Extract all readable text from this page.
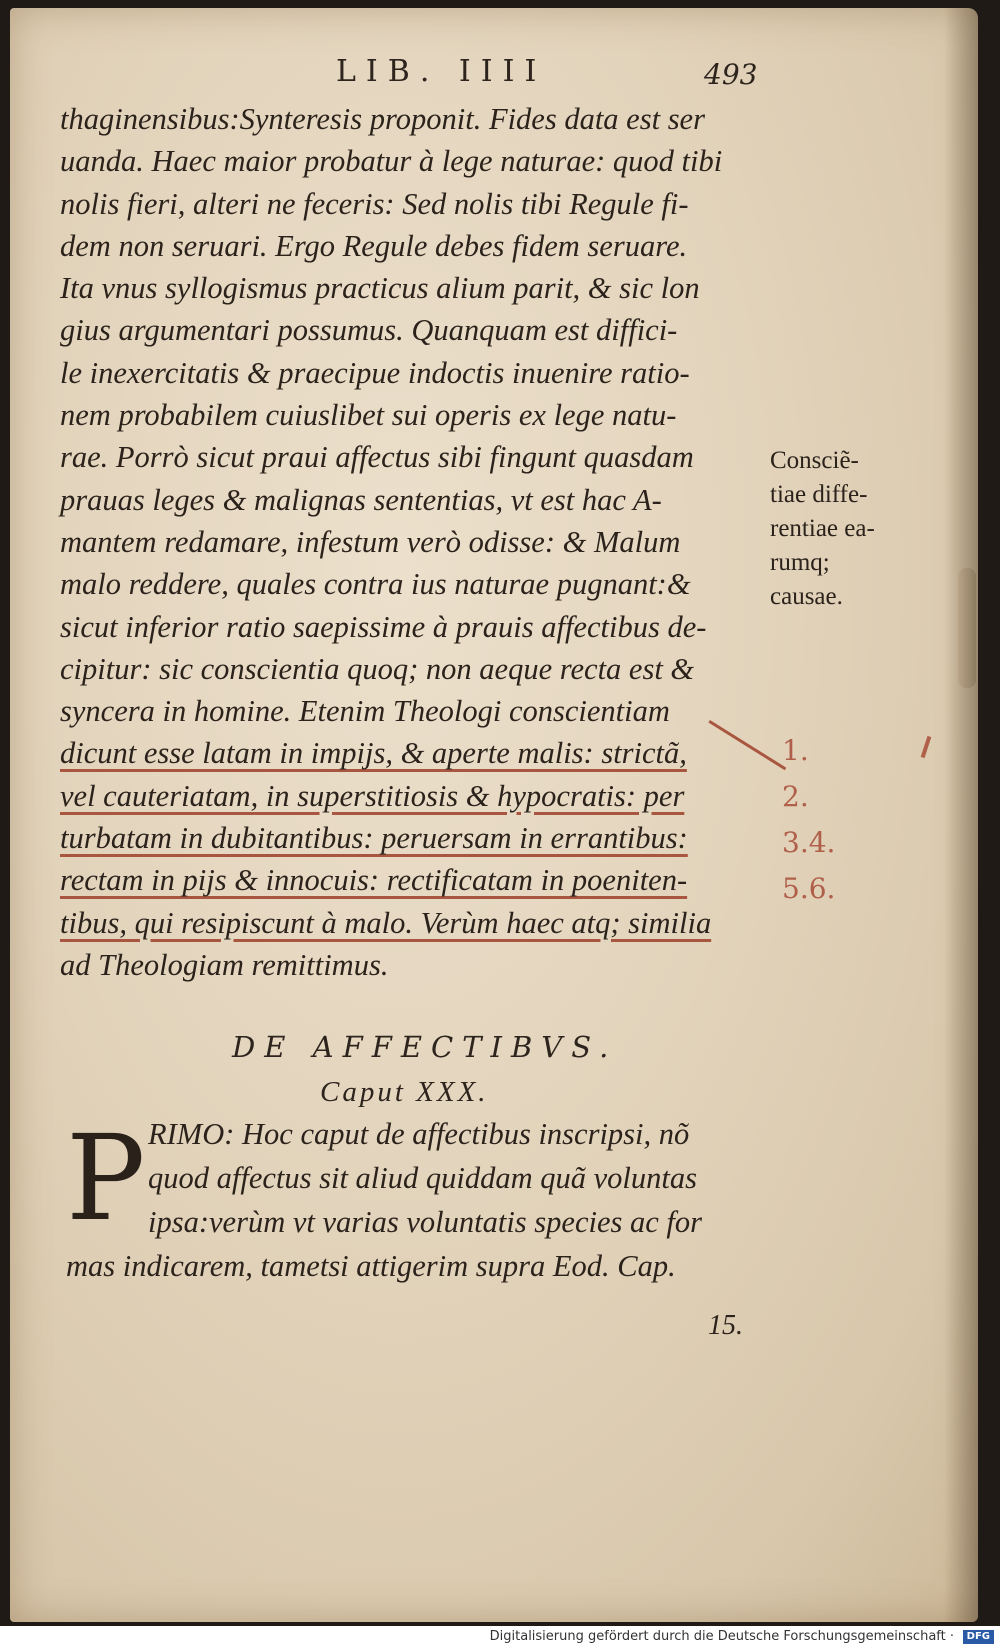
LIB. IIII	493
thaginensibus:Synteresis proponit. Fides data est ser
uanda. Haec maior probatur à lege naturae: quod tibi
nolis fieri, alteri ne feceris: Sed nolis tibi Regule fi-
dem non seruari. Ergo Regule debes fidem seruare.
Ita vnus syllogismus practicus alium parit, & sic lon
gius argumentari possumus. Quanquam est diffici-
le inexercitatis & praecipue indoctis inuenire ratio-
nem probabilem cuiuslibet sui operis ex lege natu-
rae. Porrò sicut praui affectus sibi fingunt quasdam
prauas leges & malignas sententias, vt est hac A-
mantem redamare, infestum verò odisse: & Malum
malo reddere, quales contra ius naturae pugnant:&
sicut inferior ratio saepissime à prauis affectibus de-
cipitur: sic conscientia quoq; non aeque recta est &
syncera in homine. Etenim Theologi conscientiam
dicunt esse latam in impijs, & aperte malis: strictã,
vel cauteriatam, in superstitiosis & hypocratis: per
turbatam in dubitantibus: peruersam in errantibus:
rectam in pijs & innocuis: rectificatam in poeniten-
tibus, qui resipiscunt à malo. Verùm haec atq; similia
ad Theologiam remittimus.
Consciẽ-
tiae diffe-
rentiae ea-
rumq;
causae.
1.
2.
3.4.
5.6.
DE AFFECTIBVS.
Caput XXX.
P RIMO: Hoc caput de affectibus inscripsi, nõ
quod affectus sit aliud quiddam quã voluntas
ipsa:verùm vt varias voluntatis species ac for
mas indicarem, tametsi attigerim supra Eod. Cap.
15.
Digitalisierung gefördert durch die Deutsche Forschungsgemeinschaft ·	DFG
